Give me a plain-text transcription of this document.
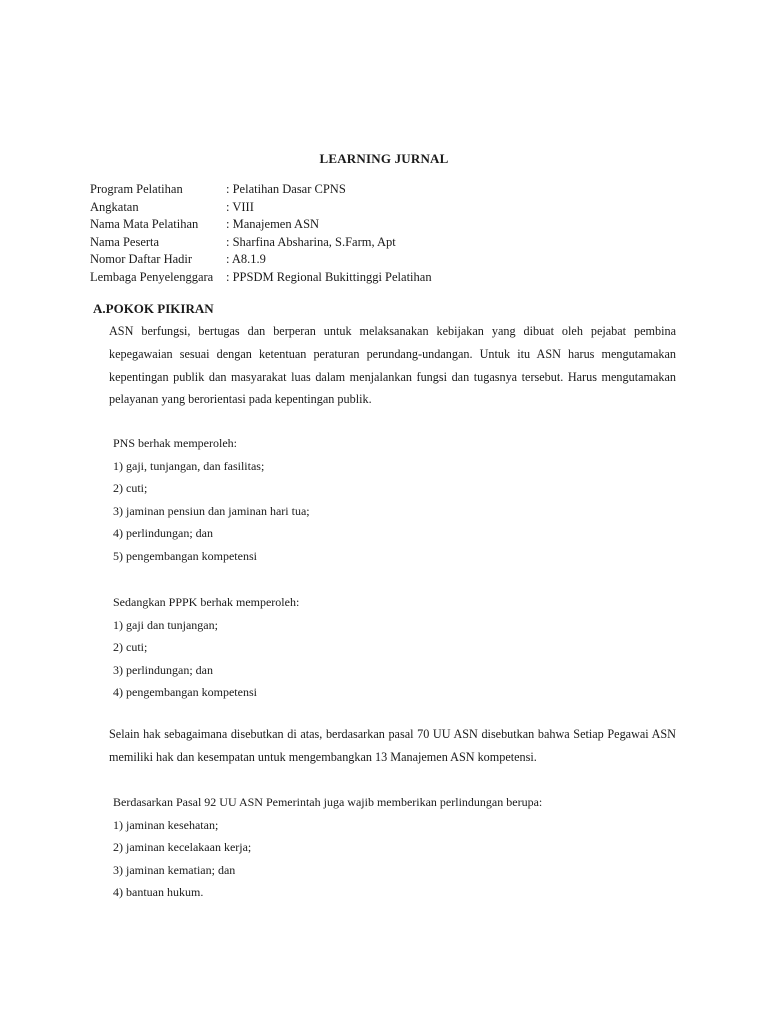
LEARNING JURNAL
Program Pelatihan	: Pelatihan Dasar CPNS
Angkatan	: VIII
Nama Mata Pelatihan	: Manajemen ASN
Nama Peserta	: Sharfina Absharina, S.Farm, Apt
Nomor Daftar Hadir	: A8.1.9
Lembaga Penyelenggara	: PPSDM Regional Bukittinggi Pelatihan
A.POKOK PIKIRAN
ASN berfungsi, bertugas dan berperan untuk melaksanakan kebijakan yang dibuat oleh pejabat pembina kepegawaian sesuai dengan ketentuan peraturan perundang-undangan. Untuk itu ASN harus mengutamakan kepentingan publik dan masyarakat luas dalam menjalankan fungsi dan tugasnya tersebut. Harus mengutamakan pelayanan yang berorientasi pada kepentingan publik.
PNS berhak memperoleh:
1) gaji, tunjangan, dan fasilitas;
2) cuti;
3) jaminan pensiun dan jaminan hari tua;
4) perlindungan; dan
5) pengembangan kompetensi
Sedangkan PPPK berhak memperoleh:
1) gaji dan tunjangan;
2) cuti;
3) perlindungan; dan
4) pengembangan kompetensi
Selain hak sebagaimana disebutkan di atas, berdasarkan pasal 70 UU ASN disebutkan bahwa Setiap Pegawai ASN memiliki hak dan kesempatan untuk mengembangkan 13 Manajemen ASN kompetensi.
Berdasarkan Pasal 92 UU ASN Pemerintah juga wajib memberikan perlindungan berupa:
1) jaminan kesehatan;
2) jaminan kecelakaan kerja;
3) jaminan kematian; dan
4) bantuan hukum.
